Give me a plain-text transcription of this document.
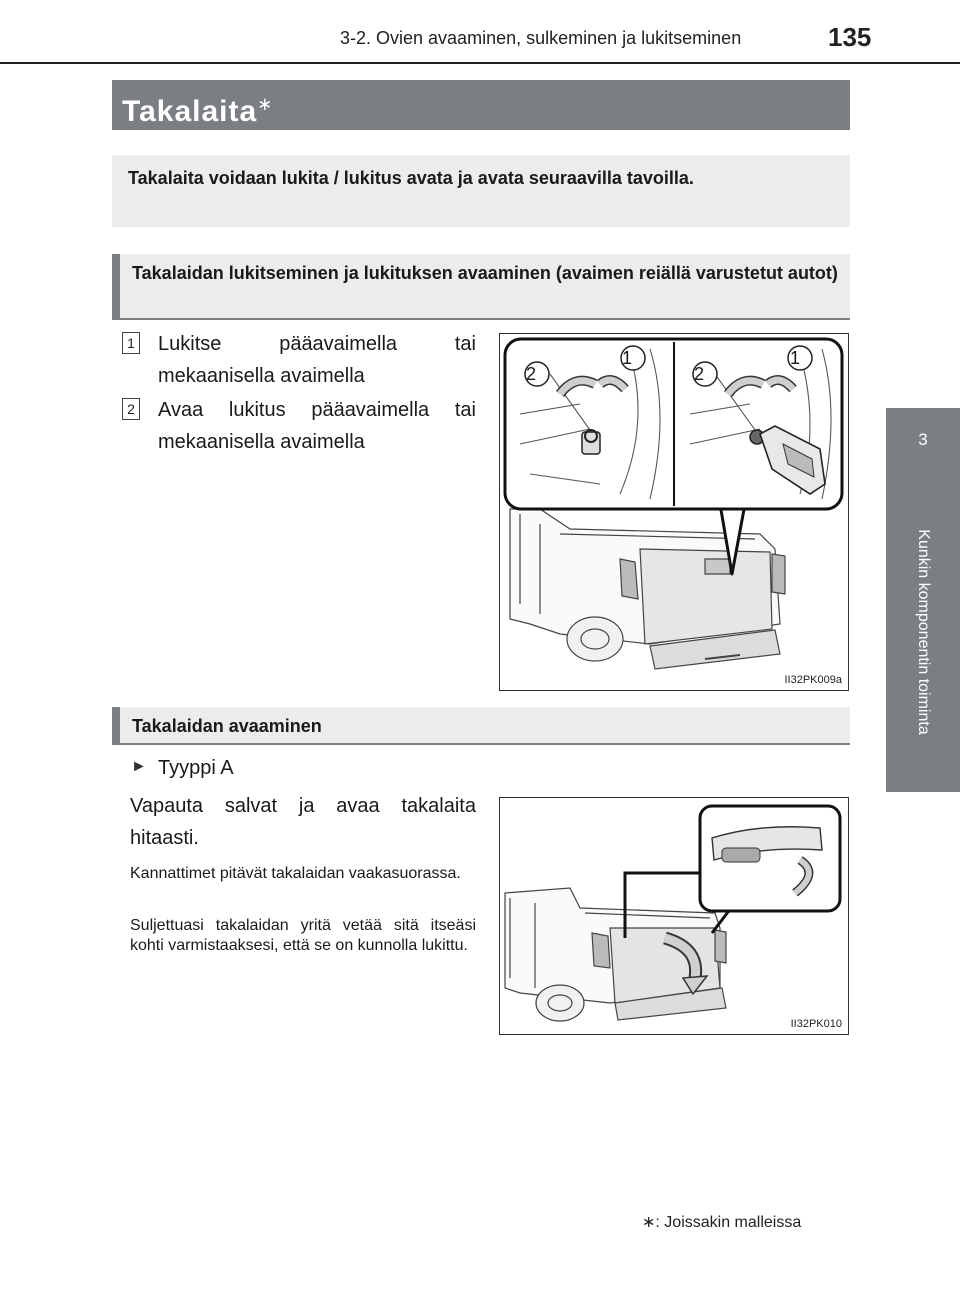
3-2. Ovien avaaminen, sulkeminen ja lukitseminen	135
3
Kunkin komponentin toiminta
Takalaita∗
Takalaita voidaan lukita / lukitus avata ja avata seuraavilla tavoilla.
Takalaidan lukitseminen ja lukituksen avaaminen (avaimen reiällä varustetut autot)
1 Lukitse pääavaimella tai mekaanisella avaimella
2 Avaa lukitus pääavaimella tai mekaanisella avaimella
2
1
2
1
II32PK009a
Takalaidan avaaminen
► Tyyppi A
Vapauta salvat ja avaa takalaita hitaasti.
Kannattimet pitävät takalaidan vaakasuorassa.
Suljettuasi takalaidan yritä vetää sitä itseäsi kohti varmistaaksesi, että se on kunnolla lukittu.
II32PK010
∗: Joissakin malleissa
